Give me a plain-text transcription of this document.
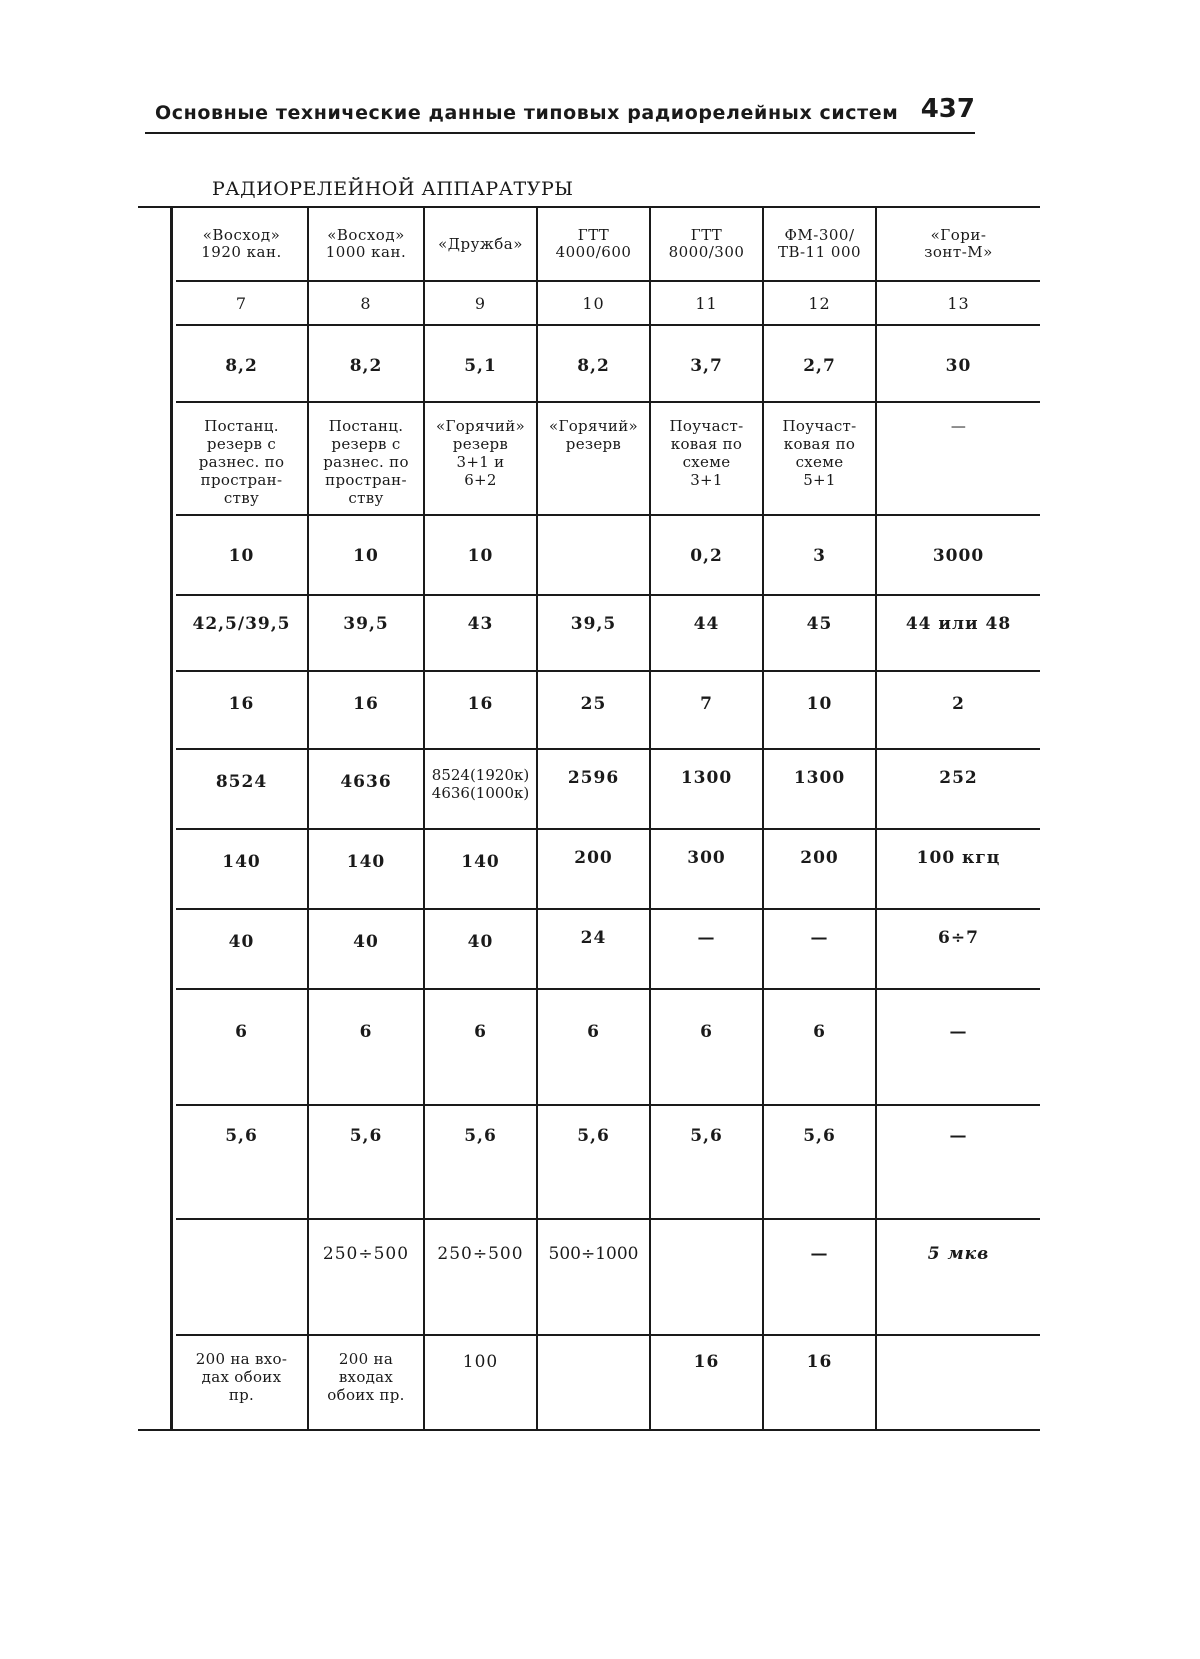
Основные технические данные типовых радиорелейных систем 437
РАДИОРЕЛЕЙНОЙ АППАРАТУРЫ
«Восход»
1920 кан.	«Восход»
1000 кан.	«Дружба»	ГТТ
4000/600	ГТТ
8000/300	ФМ-300/
ТВ-11 000	«Гори-
зонт-М»
7	8	9	10	11	12	13

8,2	8,2	5,1	8,2	3,7	2,7	30

Постанц.
резерв с
разнес. по
простран-
ству

Постанц.
резерв с
разнес. по
простран-
ству

«Горячий»
резерв
3+1 и
6+2

«Горячий»
резерв

Поучаст-
ковая по
схеме
3+1

Поучаст-
ковая по
схеме
5+1

—

10	10	10		0,2	3	3000

42,5/39,5	39,5	43	39,5	44	45	44 или 48

16	16	16	25	7	10	2

8524	4636	8524(1920к)
4636(1000к)

2596	1300	1300	252

140	140	140	200	300	200	100 кгц

40	40	40	24	—	—	6÷7

6	6	6	6	6	6	—

5,6	5,6	5,6	5,6	5,6	5,6	—

250÷500	250÷500	500÷1000		—	5 мкв

200 на вхо-
дах обоих
пр.

200 на
входах
обоих пр.

100		16	16
